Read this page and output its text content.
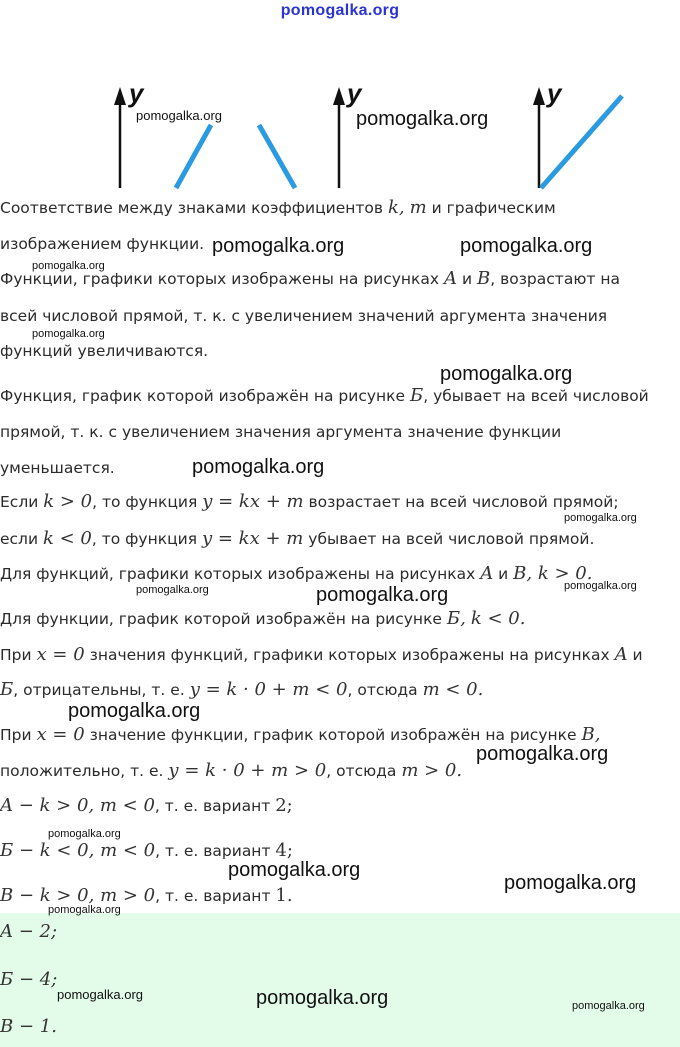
pomogalka.org
y	y	y
Соответствие между знаками коэффициентов k, m и графическим
изображением функции.
Функции, графики которых изображены на рисунках A и B, возрастают на
всей числовой прямой, т. к. с увеличением значений аргумента значения
функций увеличиваются.
Функция, график которой изображён на рисунке Б, убывает на всей числовой
прямой, т. к. с увеличением значения аргумента значение функции
уменьшается.
Если k > 0, то функция y = kx + m возрастает на всей числовой прямой;
если k < 0, то функция y = kx + m убывает на всей числовой прямой.
Для функций, графики которых изображены на рисунках A и B, k > 0.
Для функции, график которой изображён на рисунке Б, k < 0.
При x = 0 значения функций, графики которых изображены на рисунках A и
Б, отрицательны, т. е. y = k · 0 + m < 0, отсюда m < 0.
При x = 0 значение функции, график которой изображён на рисунке B,
положительно, т. е. y = k · 0 + m > 0, отсюда m > 0.
A − k > 0, m < 0, т. е. вариант 2;
Б − k < 0, m < 0, т. е. вариант 4;
B − k > 0, m > 0, т. е. вариант 1.
A − 2;
Б − 4;
B − 1.
pomogalka.org	pomogalka.org
pomogalka.org	pomogalka.org
pomogalka.org
pomogalka.org
pomogalka.org
pomogalka.org
pomogalka.org
pomogalka.org
pomogalka.org	pomogalka.org
pomogalka.org
pomogalka.org
pomogalka.org
pomogalka.org
pomogalka.org
pomogalka.org
pomogalka.org	pomogalka.org	pomogalka.org
